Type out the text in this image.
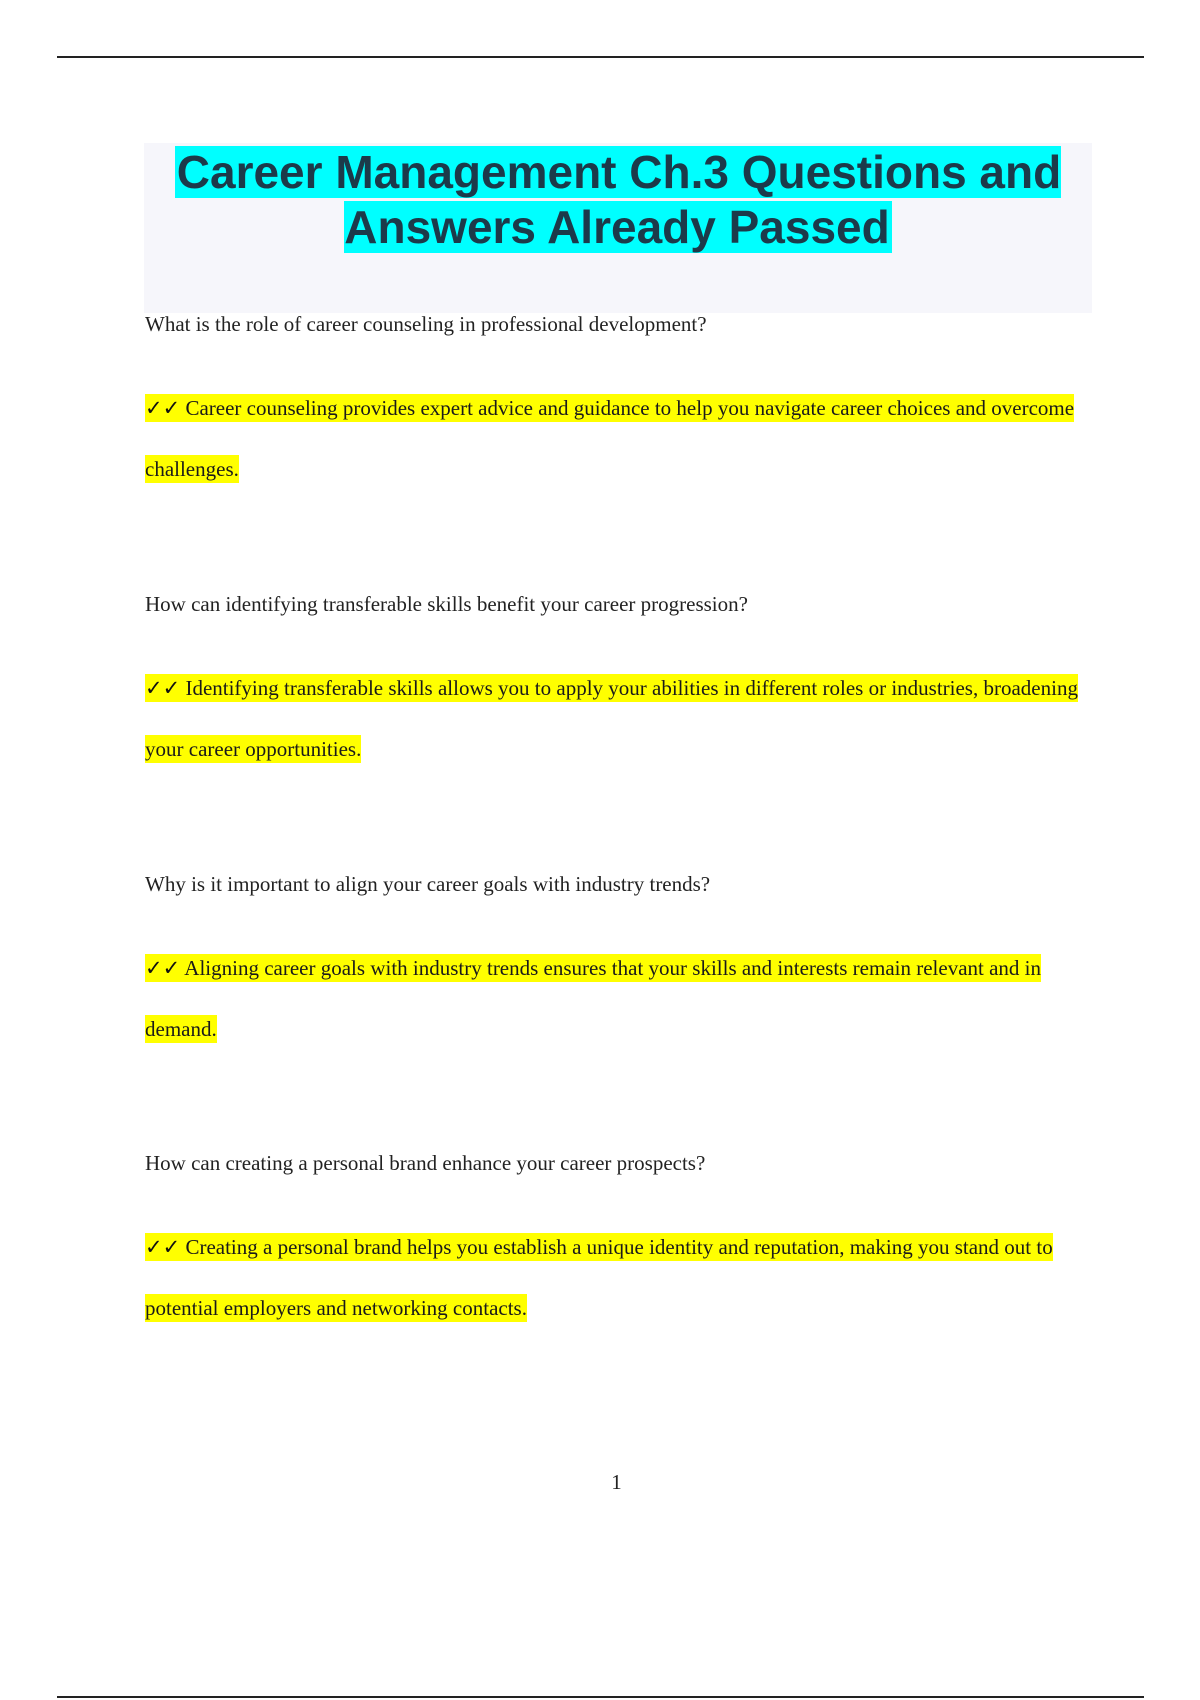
Career Management Ch.3 Questions and Answers Already Passed

What is the role of career counseling in professional development?

✓✓ Career counseling provides expert advice and guidance to help you navigate career choices and overcome challenges.

How can identifying transferable skills benefit your career progression?

✓✓ Identifying transferable skills allows you to apply your abilities in different roles or industries, broadening your career opportunities.

Why is it important to align your career goals with industry trends?

✓✓ Aligning career goals with industry trends ensures that your skills and interests remain relevant and in demand.

How can creating a personal brand enhance your career prospects?

✓✓ Creating a personal brand helps you establish a unique identity and reputation, making you stand out to potential employers and networking contacts.

1
